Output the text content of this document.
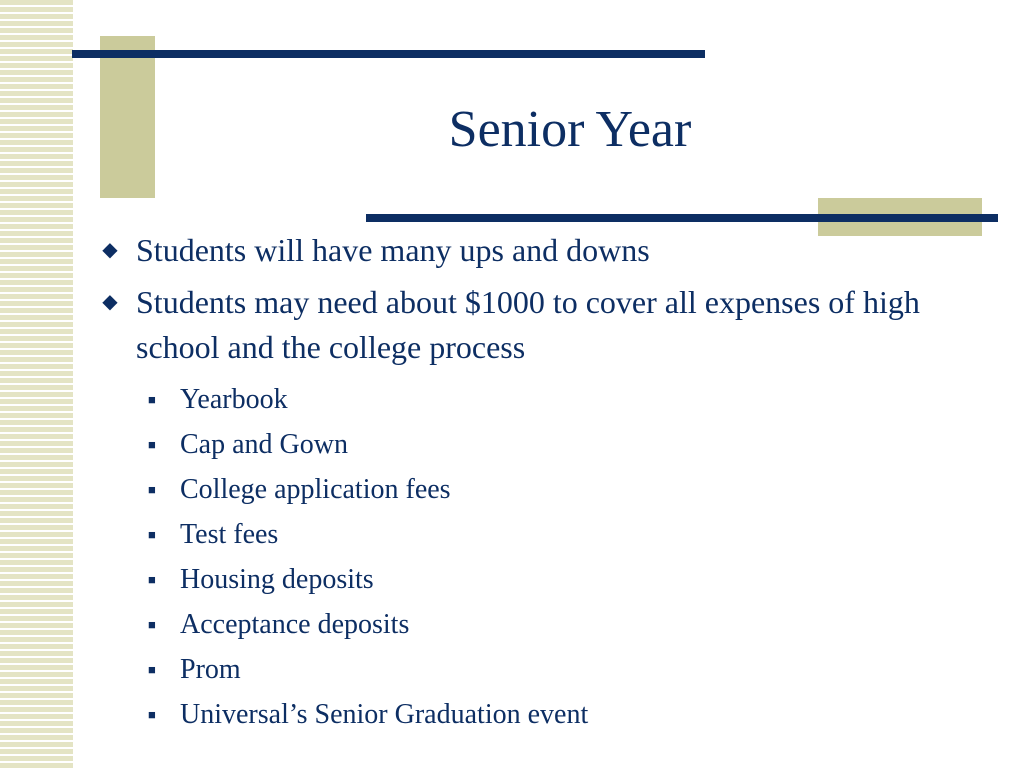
Senior Year
◆ Students will have many ups and downs
◆ Students may need about $1000 to cover all expenses of high school and the college process
■ Yearbook
■ Cap and Gown
■ College application fees
■ Test fees
■ Housing deposits
■ Acceptance deposits
■ Prom
■ Universal’s Senior Graduation event
